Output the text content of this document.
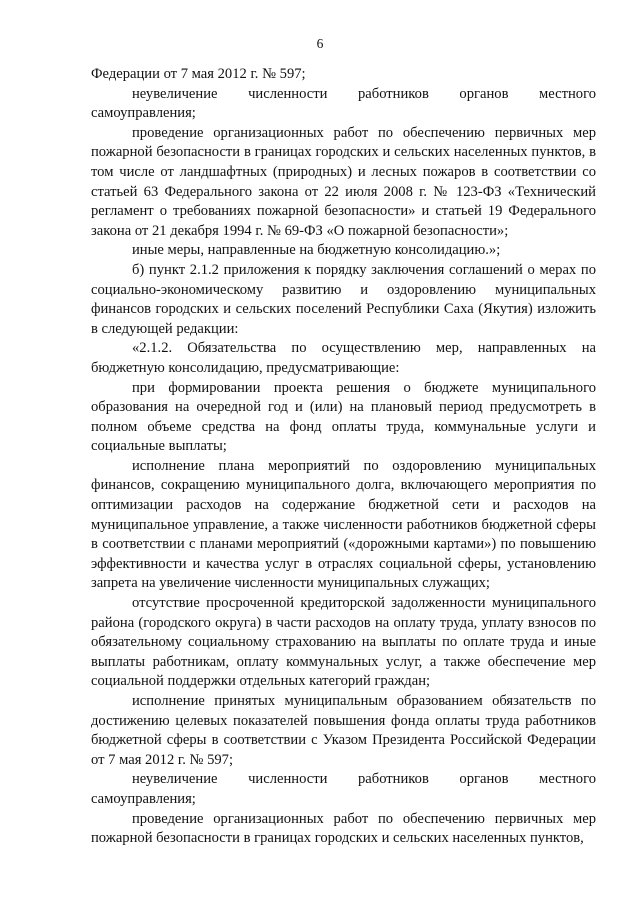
6

Федерации от 7 мая 2012 г. № 597;

неувеличение численности работников органов местного самоуправления;

проведение организационных работ по обеспечению первичных мер пожарной безопасности в границах городских и сельских населенных пунктов, в том числе от ландшафтных (природных) и лесных пожаров в соответствии со статьей 63 Федерального закона от 22 июля 2008 г. № 123-ФЗ «Технический регламент о требованиях пожарной безопасности» и статьей 19 Федерального закона от 21 декабря 1994 г. № 69-ФЗ «О пожарной безопасности»;

иные меры, направленные на бюджетную консолидацию.»;

б) пункт 2.1.2 приложения к порядку заключения соглашений о мерах по социально-экономическому развитию и оздоровлению муниципальных финансов городских и сельских поселений Республики Саха (Якутия) изложить в следующей редакции:

«2.1.2. Обязательства по осуществлению мер, направленных на бюджетную консолидацию, предусматривающие:

при формировании проекта решения о бюджете муниципального образования на очередной год и (или) на плановый период предусмотреть в полном объеме средства на фонд оплаты труда, коммунальные услуги и социальные выплаты;

исполнение плана мероприятий по оздоровлению муниципальных финансов, сокращению муниципального долга, включающего мероприятия по оптимизации расходов на содержание бюджетной сети и расходов на муниципальное управление, а также численности работников бюджетной сферы в соответствии с планами мероприятий («дорожными картами») по повышению эффективности и качества услуг в отраслях социальной сферы, установлению запрета на увеличение численности муниципальных служащих;

отсутствие просроченной кредиторской задолженности муниципального района (городского округа) в части расходов на оплату труда, уплату взносов по обязательному социальному страхованию на выплаты по оплате труда и иные выплаты работникам, оплату коммунальных услуг, а также обеспечение мер социальной поддержки отдельных категорий граждан;

исполнение принятых муниципальным образованием обязательств по достижению целевых показателей повышения фонда оплаты труда работников бюджетной сферы в соответствии с Указом Президента Российской Федерации от 7 мая 2012 г. № 597;

неувеличение численности работников органов местного самоуправления;

проведение организационных работ по обеспечению первичных мер пожарной безопасности в границах городских и сельских населенных пунктов,
